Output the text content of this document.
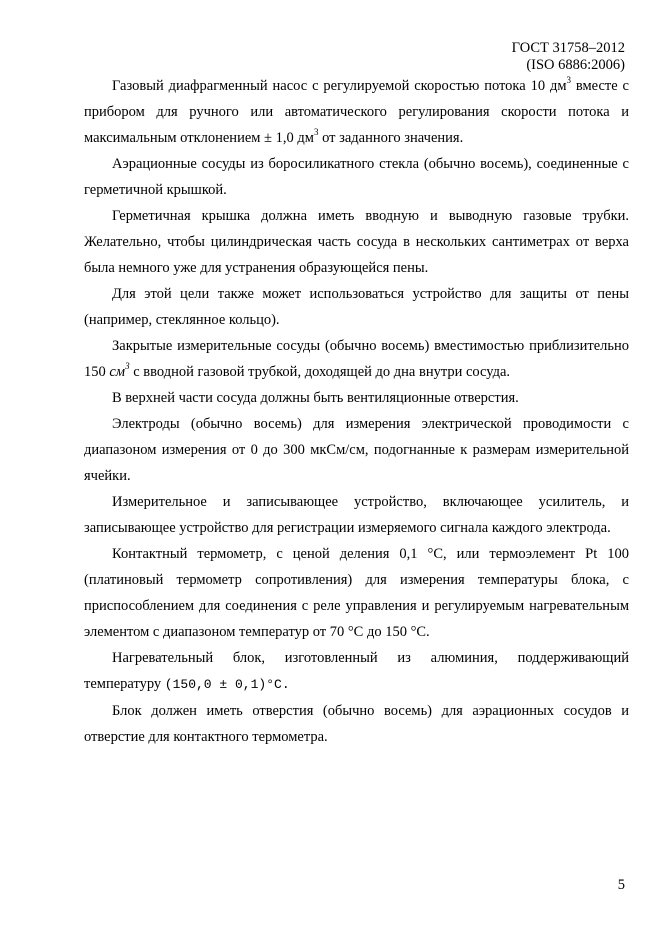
ГОСТ 31758–2012
(ISO 6886:2006)

Газовый диафрагменный насос с регулируемой скоростью потока 10 $дм^3$ вместе с прибором для ручного или автоматического регулирования скорости потока и максимальным отклонением ± 1,0 $дм^3$ от заданного значения.

Аэрационные сосуды из боросиликатного стекла (обычно восемь), соединенные с герметичной крышкой.

Герметичная крышка должна иметь вводную и выводную газовые трубки. Желательно, чтобы цилиндрическая часть сосуда в нескольких сантиметрах от верха была немного уже для устранения образующейся пены.

Для этой цели также может использоваться устройство для защиты от пены (например, стеклянное кольцо).

Закрытые измерительные сосуды (обычно восемь) вместимостью приблизительно 150 $см^3$ с вводной газовой трубкой, доходящей до дна внутри сосуда.

В верхней части сосуда должны быть вентиляционные отверстия.

Электроды (обычно восемь) для измерения электрической проводимости с диапазоном измерения от 0 до 300 мкСм/см, подогнанные к размерам измерительной ячейки.

Измерительное и записывающее устройство, включающее усилитель, и записывающее устройство для регистрации измеряемого сигнала каждого электрода.

Контактный термометр, с ценой деления 0,1 °С, или термоэлемент Pt 100 (платиновый термометр сопротивления) для измерения температуры блока, с приспособлением для соединения с реле управления и регулируемым нагревательным элементом с диапазоном температур от 70 °С до 150 °С.

Нагревательный блок, изготовленный из алюминия, поддерживающий температуру (150,0 ± 0,1)°С.

Блок должен иметь отверстия (обычно восемь) для аэрационных сосудов и отверстие для контактного термометра.

5
